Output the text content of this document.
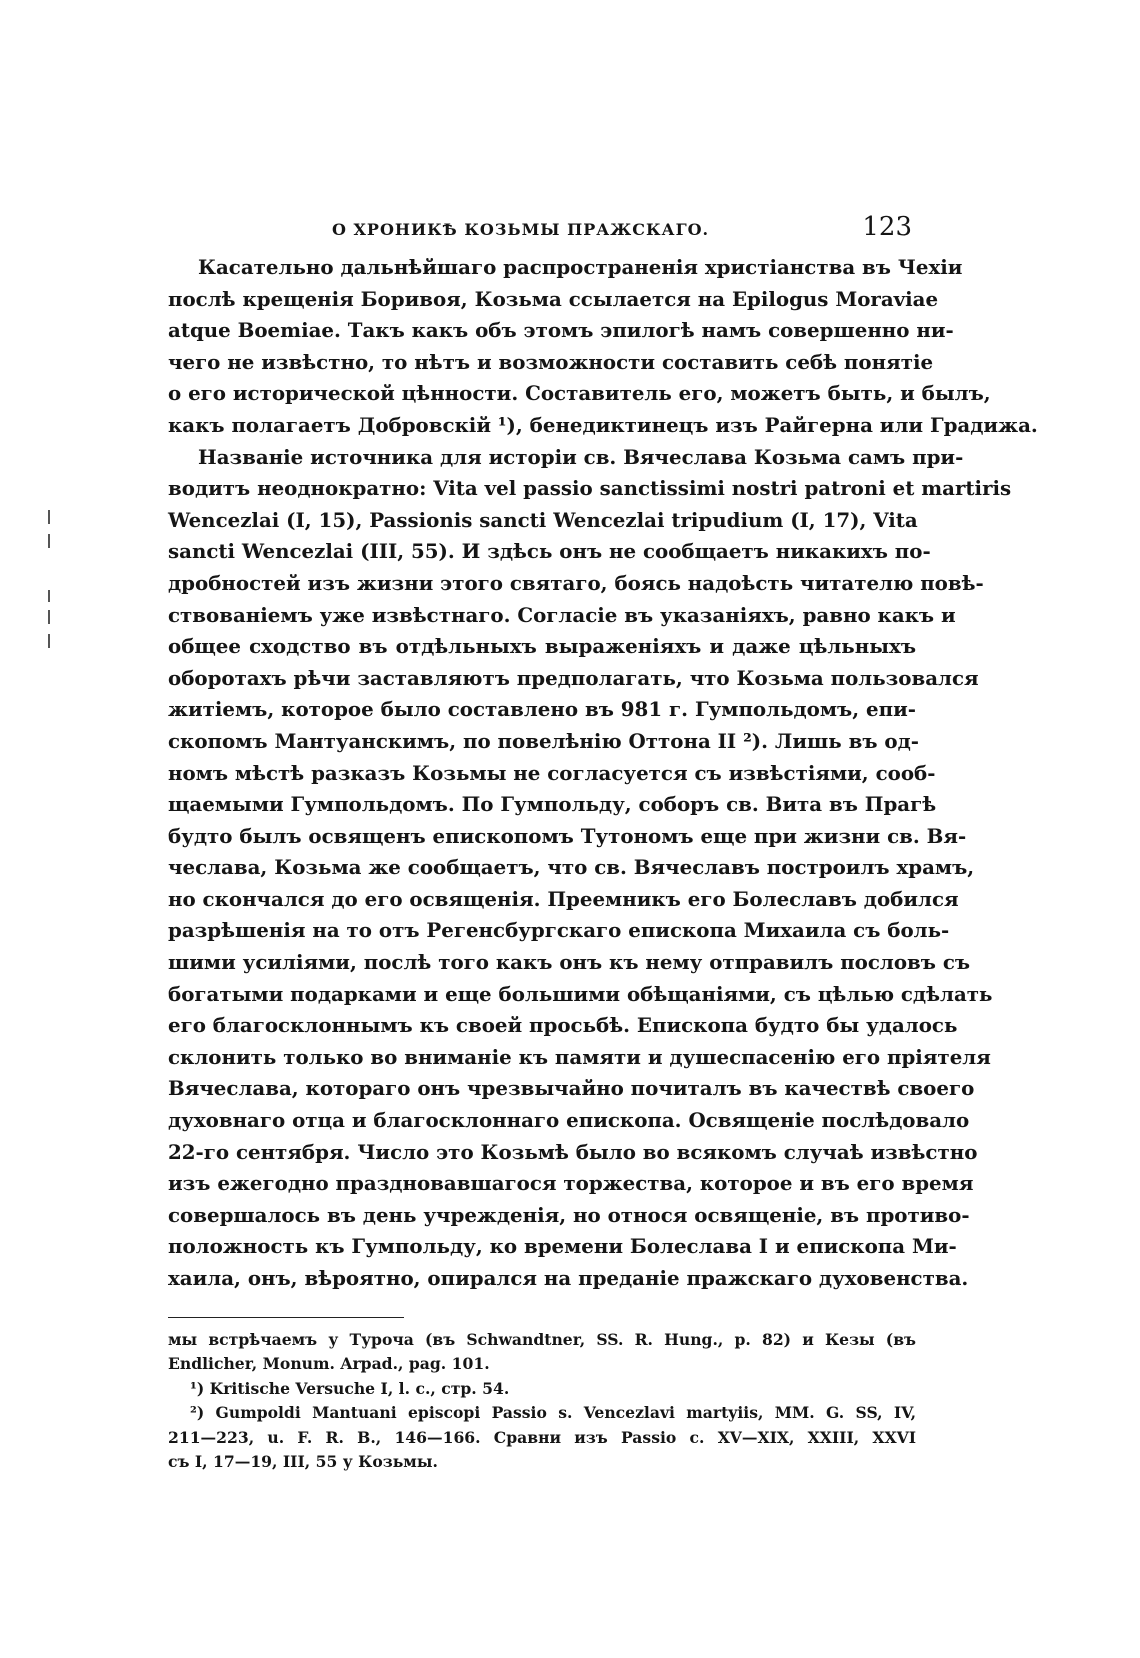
О ХРОНИКѢ КОЗЬМЫ ПРАЖСКАГО.	123
Касательно дальнѣйшаго распространенія христіанства въ Чехіи
послѣ крещенія Боривоя, Козьма ссылается на Epilogus Moraviae
atque Boemiae. Такъ какъ объ этомъ эпилогѣ намъ совершенно ни-
чего не извѣстно, то нѣтъ и возможности составить себѣ понятіе
о его исторической цѣнности. Составитель его, можетъ быть, и былъ,
какъ полагаетъ Добровскій ¹), бенедиктинецъ изъ Райгерна или Градижа.
Названіе источника для исторіи св. Вячеслава Козьма самъ при-
водитъ неоднократно: Vita vel passio sanctissimi nostri patroni et martiris
Wencezlai (I, 15), Passionis sancti Wencezlai tripudium (I, 17), Vita
sancti Wencezlai (III, 55). И здѣсь онъ не сообщаетъ никакихъ по-
дробностей изъ жизни этого святаго, боясь надоѣсть читателю повѣ-
ствованіемъ уже извѣстнаго. Согласіе въ указаніяхъ, равно какъ и
общее сходство въ отдѣльныхъ выраженіяхъ и даже цѣльныхъ
оборотахъ рѣчи заставляютъ предполагать, что Козьма пользовался
житіемъ, которое было составлено въ 981 г. Гумпольдомъ, епи-
скопомъ Мантуанскимъ, по повелѣнію Оттона II ²). Лишь въ од-
номъ мѣстѣ разказъ Козьмы не согласуется съ извѣстіями, сооб-
щаемыми Гумпольдомъ. По Гумпольду, соборъ св. Вита въ Прагѣ
будто былъ освященъ епископомъ Тутономъ еще при жизни св. Вя-
чеслава, Козьма же сообщаетъ, что св. Вячеславъ построилъ храмъ,
но скончался до его освященія. Преемникъ его Болеславъ добился
разрѣшенія на то отъ Регенсбургскаго епископа Михаила съ боль-
шими усиліями, послѣ того какъ онъ къ нему отправилъ пословъ съ
богатыми подарками и еще большими обѣщаніями, съ цѣлью сдѣлать
его благосклоннымъ къ своей просьбѣ. Епископа будто бы удалось
склонить только во вниманіе къ памяти и душеспасенію его пріятеля
Вячеслава, котораго онъ чрезвычайно почиталъ въ качествѣ своего
духовнаго отца и благосклоннаго епископа. Освященіе послѣдовало
22-го сентября. Число это Козьмѣ было во всякомъ случаѣ извѣстно
изъ ежегодно праздновавшагося торжества, которое и въ его время
совершалось въ день учрежденія, но относя освященіе, въ противо-
положность къ Гумпольду, ко времени Болеслава I и епископа Ми-
хаила, онъ, вѣроятно, опирался на преданіе пражскаго духовенства.
мы встрѣчаемъ у Туроча (въ Schwandtner, SS. R. Hung., p. 82) и Кезы (въ
Endlicher, Monum. Arpad., pag. 101.
¹) Kritische Versuche I, l. c., стр. 54.
²) Gumpoldi Mantuani episcopi Passio s. Vencezlavi martyiis, MM. G. SS, IV,
211—223, u. F. R. B., 146—166. Сравни изъ Passio c. XV—XIX, XXIII, XXVI
съ I, 17—19, III, 55 у Козьмы.
